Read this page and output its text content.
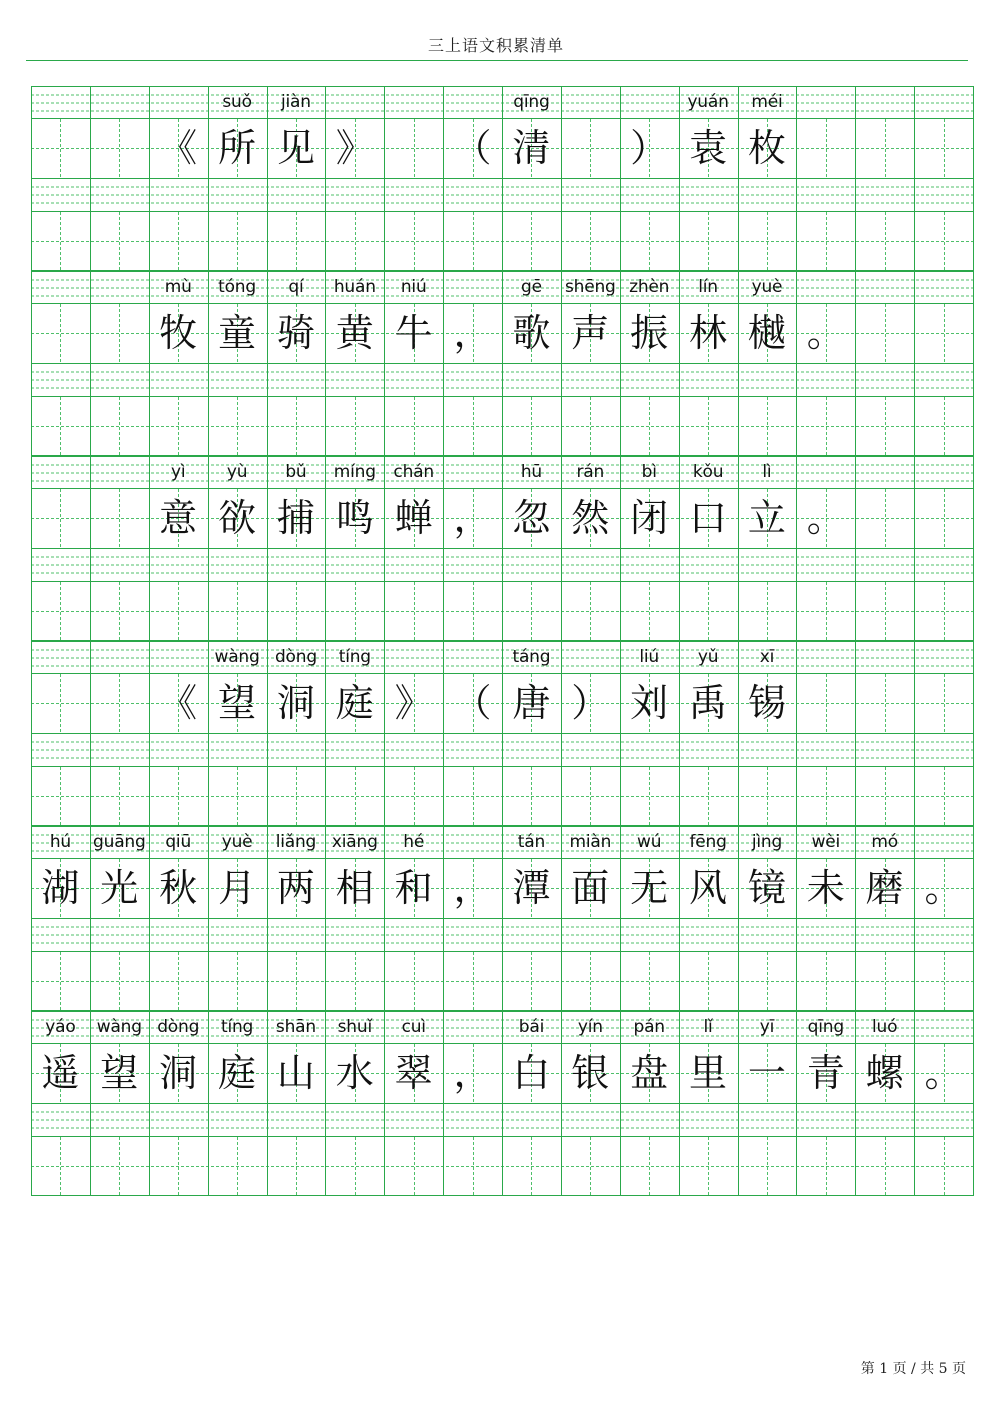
三上语文积累清单
《
suǒ
所
jiàn
见 》 （
qīng
清 ）
yuán
袁
méi
枚
mù
牧
tóng
童
qí
骑
huán
黄
niú
牛 ，
gē
歌
shēng
声
zhèn
振
lín
林
yuè
樾 。
yì
意
yù
欲
bǔ
捕
míng
鸣
chán
蝉 ，
hū
忽
rán
然
bì
闭
kǒu
口
lì
立 。
《
wàng
望
dòng
洞
tíng
庭 》 （
táng
唐 ）
liú
刘
yǔ
禹
xī
锡
hú
湖
guāng
光
qiū
秋
yuè
月
liǎng
两
xiāng
相
hé
和 ，
tán
潭
miàn
面
wú
无
fēng
风
jìng
镜
wèi
未
mó
磨 。
yáo
遥
wàng
望
dòng
洞
tíng
庭
shān
山
shuǐ
水
cuì
翠 ，
bái
白
yín
银
pán
盘
lǐ
里
yī
一
qīng
青
luó
螺 。
第 1 页 / 共 5 页
